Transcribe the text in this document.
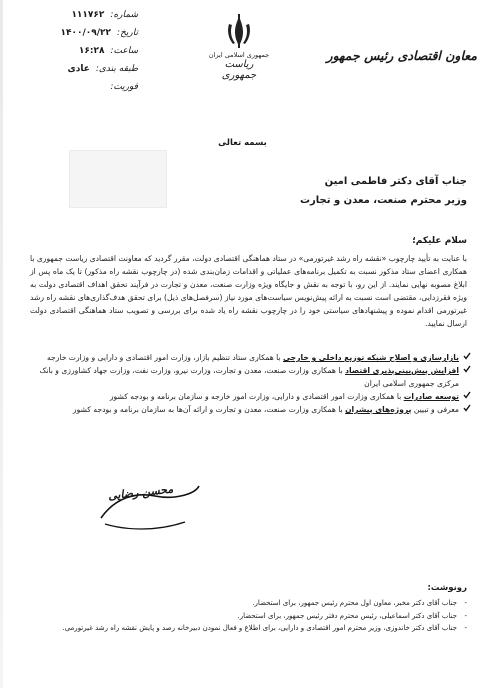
معاون اقتصادی رئیس جمهور
جمهوری اسلامی ایران
ریاست جمهوری
شماره:
۱۱۱۷۶۲
تاریخ:
۱۴۰۰/۰۹/۲۲
ساعت:
۱۶:۲۸
طبقه بندی:
عادی
فوریت:
بسمه تعالی
جناب آقای دکتر فاطمی امین
وزیر محترم صنعت، معدن و تجارت
سلام علیکم؛
با عنایت به تأیید چارچوب «نقشه راه رشد غیرتورمی» در ستاد هماهنگی اقتصادی دولت، مقرر گردید که معاونت اقتصادی ریاست جمهوری با همکاری اعضای ستاد مذکور نسبت به تکمیل برنامه‌های عملیاتی و اقدامات زمان‌بندی شده (در چارچوب نقشه راه مذکور) تا یک ماه پس از ابلاغ مصوبه نهایی نمایند. از این رو، با توجه به نقش و جایگاه ویژه وزارت صنعت، معدن و تجارت در فرآیند تحقق اهداف اقتصادی دولت به ویژه فقرزدایی، مقتضی است نسبت به ارائه پیش‌نویس سیاست‌های مورد نیاز (سرفصل‌های ذیل) برای تحقق هدف‌گذاری‌های نقشه راه رشد غیرتورمی اقدام نموده و پیشنهادهای سیاستی خود را در چارچوب نقشه راه یاد شده برای بررسی و تصویب ستاد هماهنگی اقتصادی دولت ارسال نمایید.
بازارسازی و اصلاح شبکه توزیع داخلی و خارجی با همکاری ستاد تنظیم بازار، وزارت امور اقتصادی و دارایی و وزارت خارجه
افزایش پیش‌بینی‌پذیری اقتصاد با همکاری وزارت صنعت، معدن و تجارت، وزارت نیرو، وزارت نفت، وزارت جهاد کشاورزی و بانک مرکزی جمهوری اسلامی ایران
توسعه صادرات با همکاری وزارت امور اقتصادی و دارایی، وزارت امور خارجه و سازمان برنامه و بودجه کشور
معرفی و تبیین پروژه‌های پیشران با همکاری وزارت صنعت، معدن و تجارت و ارائه آن‌ها به سازمان برنامه و بودجه کشور
محسن رضایی
رونوشت:
- جناب آقای دکتر مخبر، معاون اول محترم رئیس جمهور، برای استحضار.
- جناب آقای دکتر اسماعیلی، رئیس محترم دفتر رئیس جمهور، برای استحضار.
- جناب آقای دکتر خاندوزی، وزیر محترم امور اقتصادی و دارایی، برای اطلاع و فعال نمودن دبیرخانه رصد و پایش نقشه راه رشد غیرتورمی.
